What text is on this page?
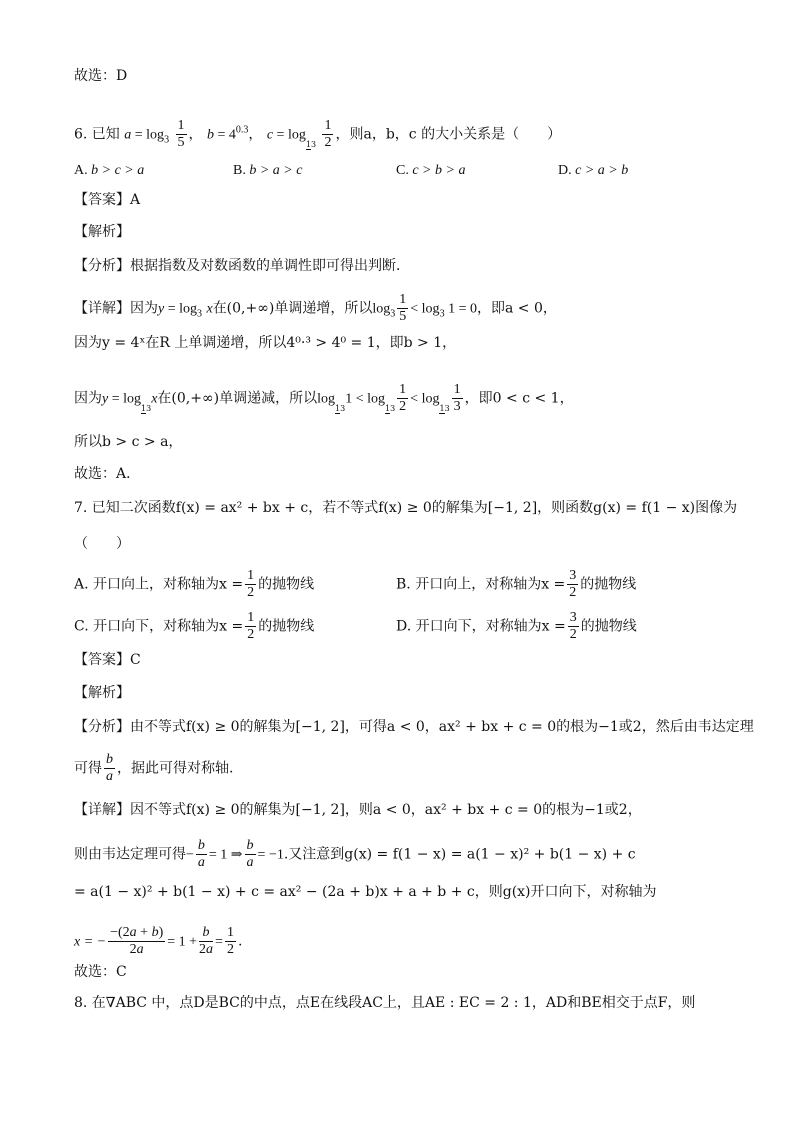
故选：D
6. 已知 $a = \log_3 \frac{1}{5}$ ， $b = 4^{0.3}$， $c = \log 13 \frac{1}{2}$ ，则a，b，c 的大小关系是（　　）
A. b > c > a	B. b > a > c	C. c > b > a	D. c > a > b
【答案】A
【解析】
【分析】根据指数及对数函数的单调性即可得出判断．
【详解】因为$y = \log_3 x$在(0,+∞)单调递增，所以$\log_3 \frac{1}{5} < \log_3 1 = 0$，即a < 0，
因为y = 4ˣ在R 上单调递增，所以4⁰·³ > 4⁰ = 1，即b > 1，
因为y = log13x在(0,+∞)单调递减，所以$\log 131 < \log 13 \frac{1}{2} < \log 13 \frac{1}{3}$ ，即0 < c < 1，
所以b > c > a，
故选：A．
7. 已知二次函数f(x) = ax² + bx + c，若不等式f(x) ≥ 0的解集为[−1, 2]，则函数g(x) = f(1 − x)图像为
（　　）
A. 开口向上，对称轴为$x = \frac{1}{2}$ 的抛物线	B. 开口向上，对称轴为$x = \frac{3}{2}$ 的抛物线
C. 开口向下，对称轴为$x = \frac{1}{2}$ 的抛物线	D. 开口向下，对称轴为$x = \frac{3}{2}$ 的抛物线
【答案】C
【解析】
【分析】由不等式f(x) ≥ 0的解集为[−1, 2]，可得a < 0，ax² + bx + c = 0的根为−1或2，然后由韦达定理
可得 $\frac{b}{a}$ ，据此可得对称轴.
【详解】因不等式f(x) ≥ 0的解集为[−1, 2]，则a < 0，ax² + bx + c = 0的根为−1或2，
则由韦达定理可得− $\frac{b}{a} = 1$ ⇒ $\frac{b}{a} = -1$.又注意到g(x) = f(1 − x) = a(1 − x)² + b(1 − x) + c
= a(1 − x)² + b(1 − x) + c = ax² − (2a + b)x + a + b + c，则g(x)开口向下，对称轴为
x = − $\frac{-(2a + b)}{2a} = 1 + \frac{b}{2a} = \frac{1}{2}$ .
故选：C
8. 在∇ABC 中，点D是BC的中点，点E在线段AC上，且AE : EC = 2 : 1，AD和BE相交于点F，则
